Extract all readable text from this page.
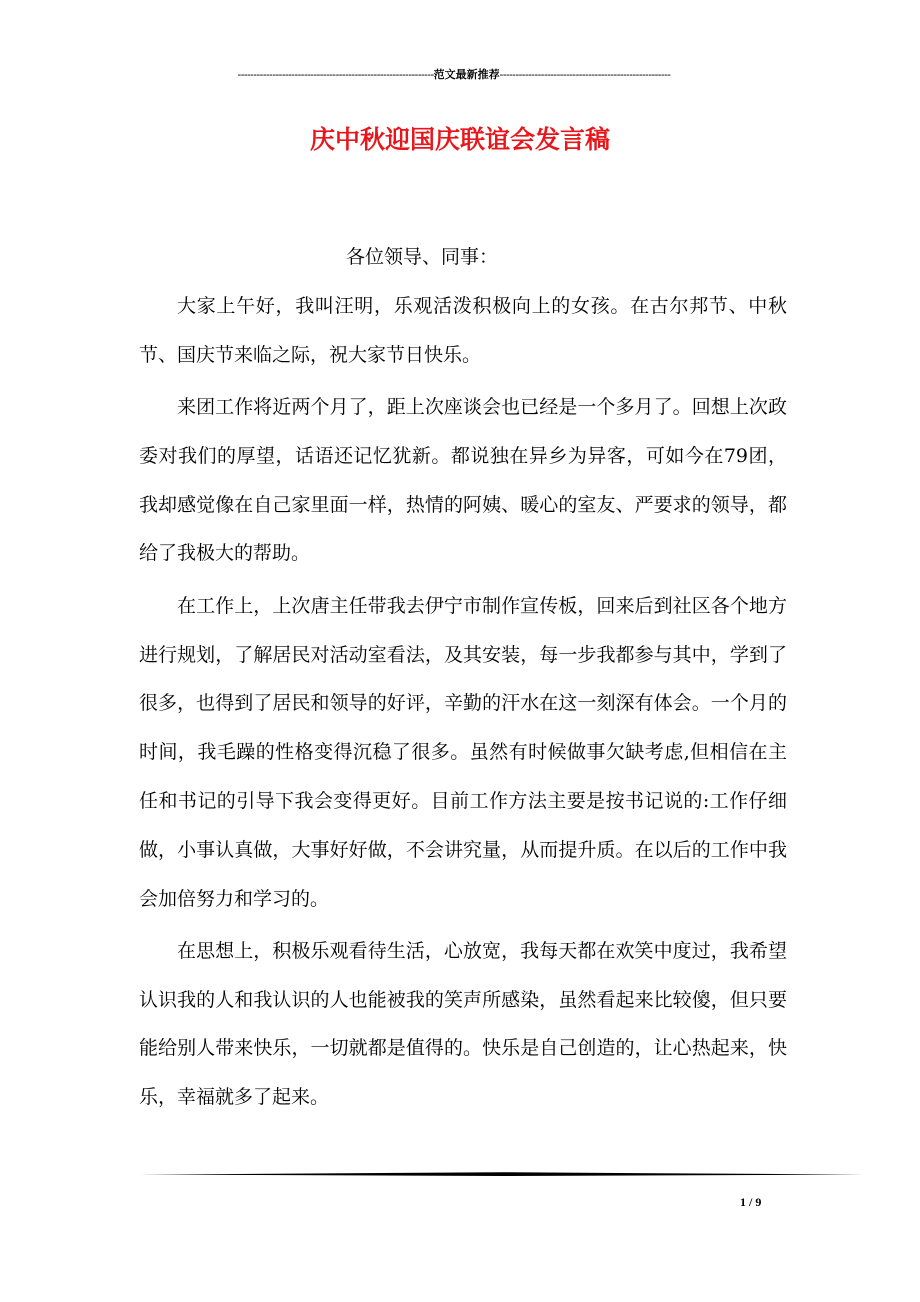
--------------------------------------------------------------范文最新推荐------------------------------------------------------
庆中秋迎国庆联谊会发言稿
各位领导、同事：

大家上午好，我叫汪明，乐观活泼积极向上的女孩。在古尔邦节、中秋节、国庆节来临之际，祝大家节日快乐。

来团工作将近两个月了，距上次座谈会也已经是一个多月了。回想上次政委对我们的厚望，话语还记忆犹新。都说独在异乡为异客，可如今在79团，我却感觉像在自己家里面一样，热情的阿姨、暖心的室友、严要求的领导，都给了我极大的帮助。

在工作上，上次唐主任带我去伊宁市制作宣传板，回来后到社区各个地方进行规划，了解居民对活动室看法，及其安装，每一步我都参与其中，学到了很多，也得到了居民和领导的好评，辛勤的汗水在这一刻深有体会。一个月的时间，我毛躁的性格变得沉稳了很多。虽然有时候做事欠缺考虑,但相信在主任和书记的引导下我会变得更好。目前工作方法主要是按书记说的:工作仔细做，小事认真做，大事好好做，不会讲究量，从而提升质。在以后的工作中我会加倍努力和学习的。

在思想上，积极乐观看待生活，心放宽，我每天都在欢笑中度过，我希望认识我的人和我认识的人也能被我的笑声所感染，虽然看起来比较傻，但只要能给别人带来快乐，一切就都是值得的。快乐是自己创造的，让心热起来，快乐，幸福就多了起来。

1 / 9
